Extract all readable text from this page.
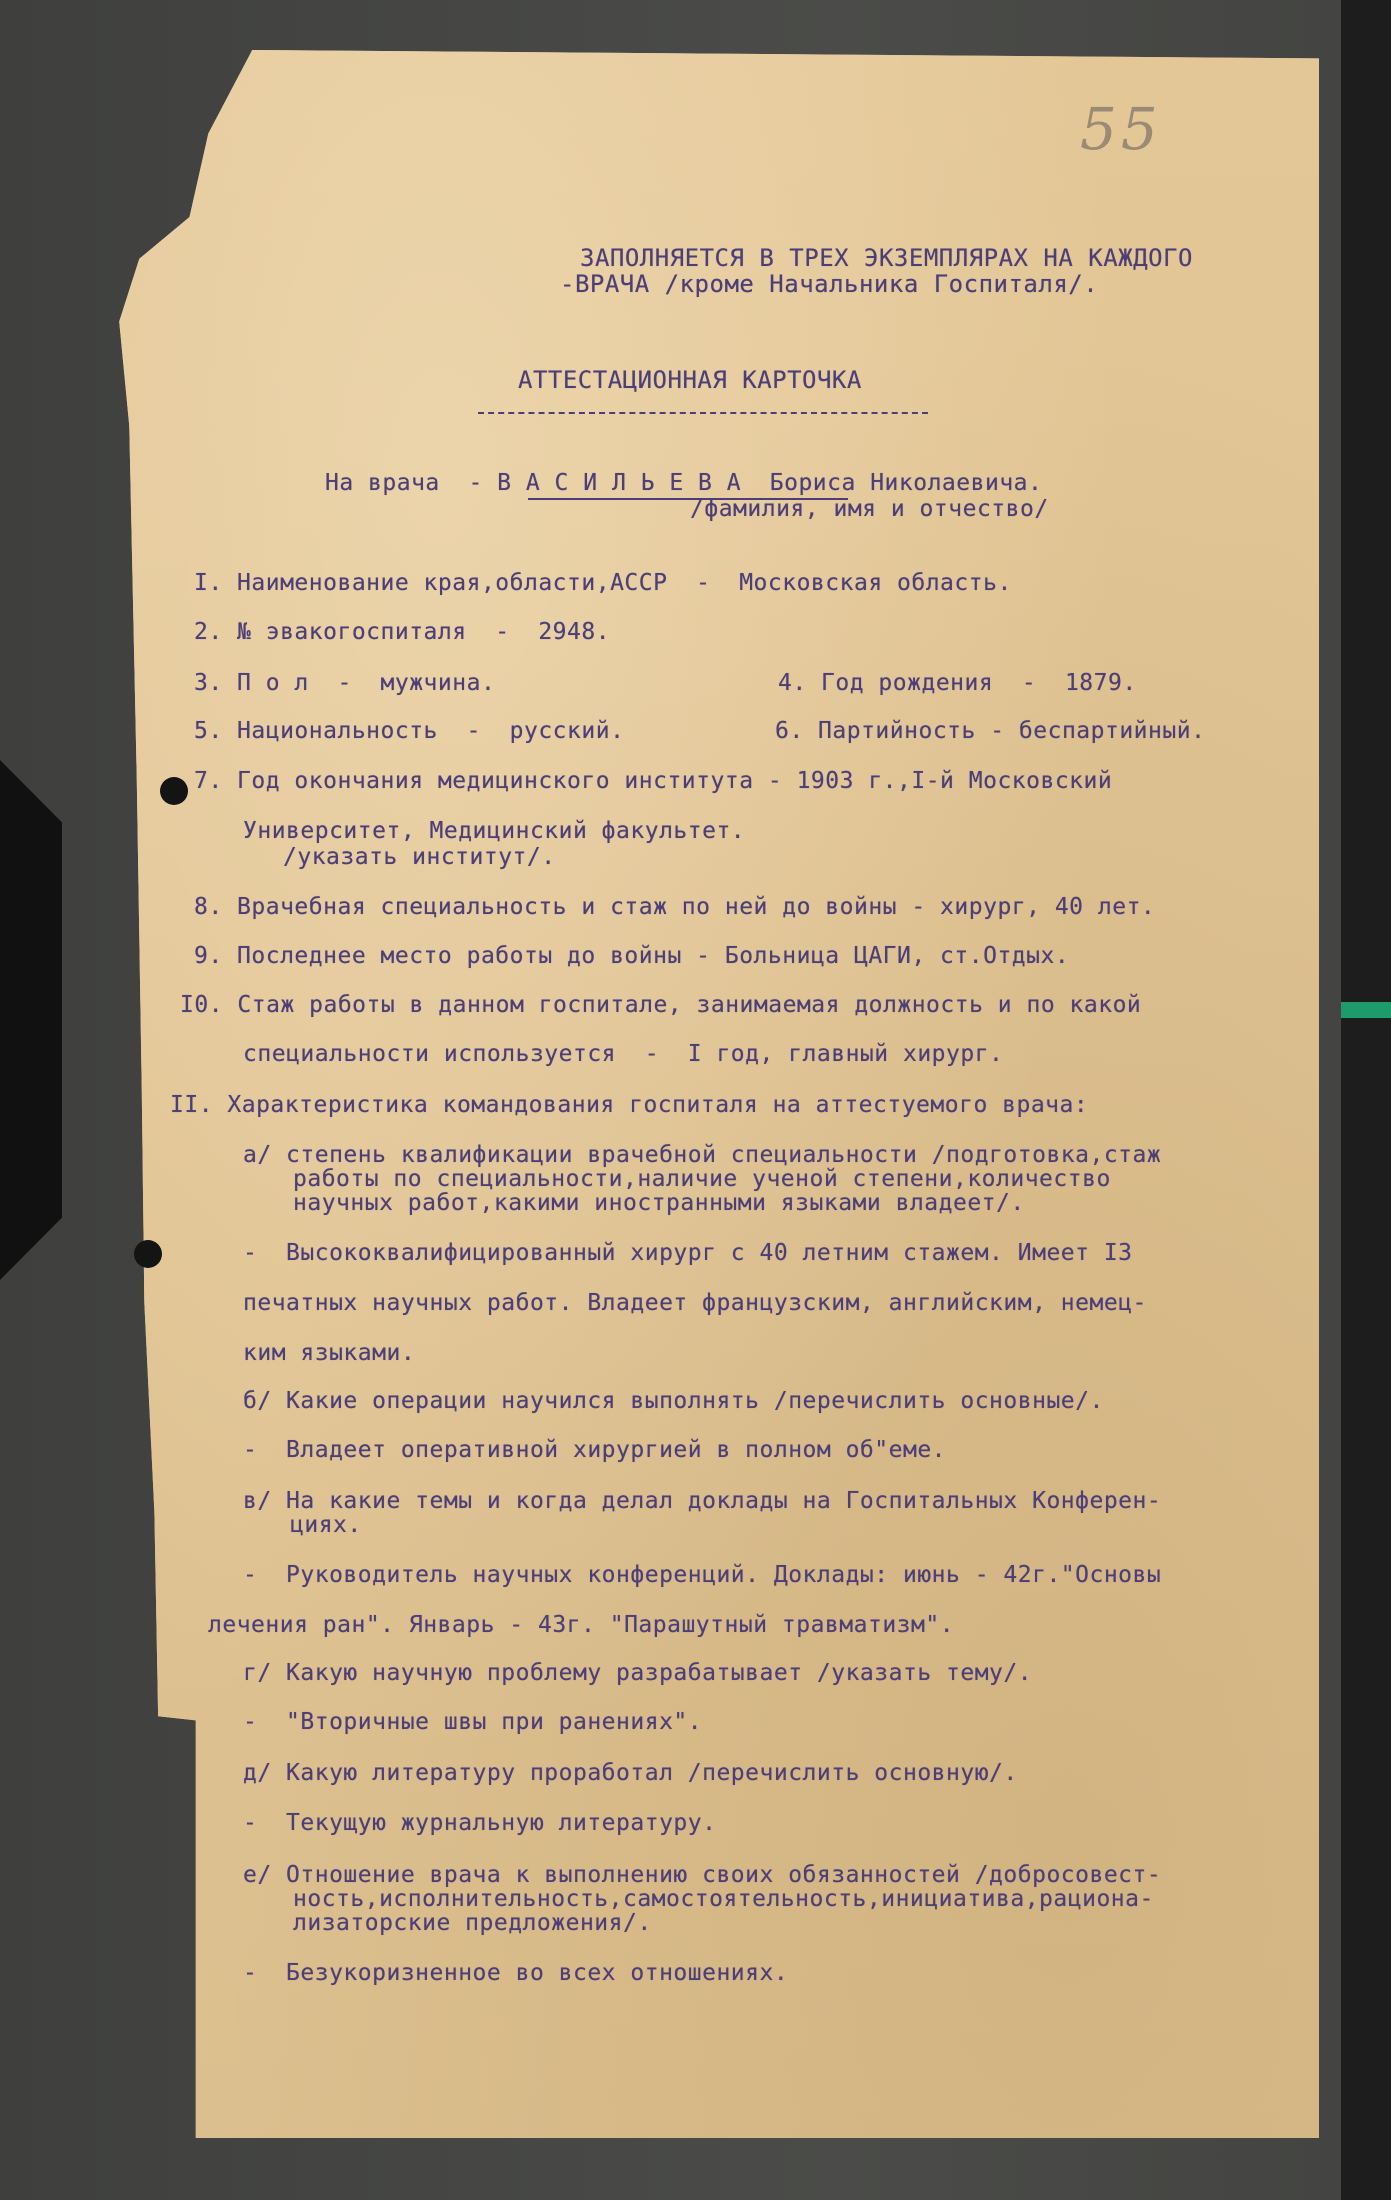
55
ЗАПОЛНЯЕТСЯ В ТРЕХ ЭКЗЕМПЛЯРАХ НА КАЖДОГО
-ВРАЧА /кроме Начальника Госпиталя/.
АТТЕСТАЦИОННАЯ КАРТОЧКА
На врача  - В А С И Л Ь Е В А  Бориса Николаевича.
/фамилия, имя и отчество/
I. Наименование края,области,АССР  -  Московская область.
2. № эвакогоспиталя  -  2948.
3. П о л  -  мужчина.	4. Год рождения  -  1879.
5. Национальность  -  русский.	6. Партийность - беспартийный.
7. Год окончания медицинского института - 1903 г.,I-й Московский
Университет, Медицинский факультет.
/указать институт/.
8. Врачебная специальность и стаж по ней до войны - хирург, 40 лет.
9. Последнее место работы до войны - Больница ЦАГИ, ст.Отдых.
I0. Стаж работы в данном госпитале, занимаемая должность и по какой
специальности используется  -  I год, главный хирург.
II. Характеристика командования госпиталя на аттестуемого врача:
а/ степень квалификации врачебной специальности /подготовка,стаж
работы по специальности,наличие ученой степени,количество
научных работ,какими иностранными языками владеет/.
-  Высококвалифицированный хирург с 40 летним стажем. Имеет I3
печатных научных работ. Владеет французским, английским, немец-
ким языками.
б/ Какие операции научился выполнять /перечислить основные/.
-  Владеет оперативной хирургией в полном об"еме.
в/ На какие темы и когда делал доклады на Госпитальных Конферен-
циях.
-  Руководитель научных конференций. Доклады: июнь - 42г."Основы
лечения ран". Январь - 43г. "Парашутный травматизм".
г/ Какую научную проблему разрабатывает /указать тему/.
-  "Вторичные швы при ранениях".
д/ Какую литературу проработал /перечислить основную/.
-  Текущую журнальную литературу.
е/ Отношение врача к выполнению своих обязанностей /добросовест-
ность,исполнительность,самостоятельность,инициатива,рациона-
лизаторские предложения/.
-  Безукоризненное во всех отношениях.
